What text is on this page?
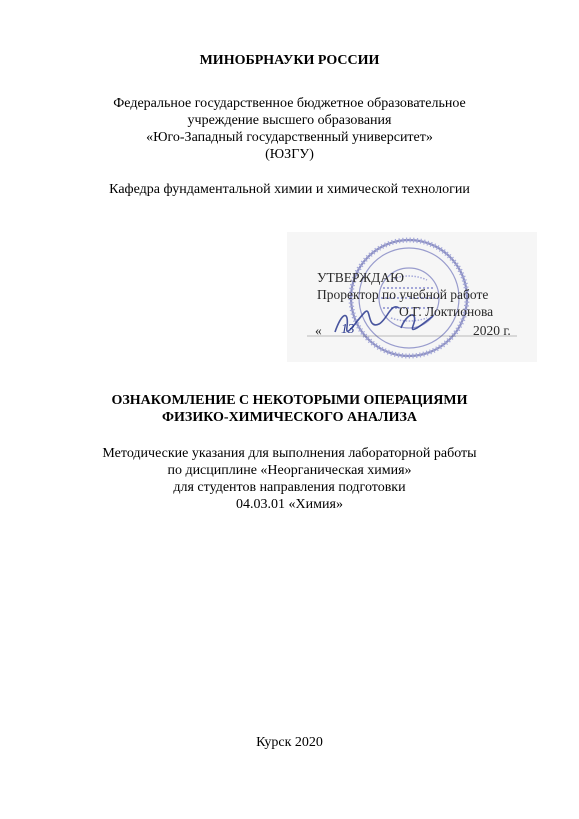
МИНОБРНАУКИ РОССИИ
Федеральное государственное бюджетное образовательное
учреждение высшего образования
«Юго-Западный государственный университет»
(ЮЗГУ)
Кафедра фундаментальной химии и химической технологии
УТВЕРЖДАЮ
Проректор по учебной работе
О.Г. Локтионова
« 13	2020 г.
ОЗНАКОМЛЕНИЕ С НЕКОТОРЫМИ ОПЕРАЦИЯМИ
ФИЗИКО-ХИМИЧЕСКОГО АНАЛИЗА
Методические указания для выполнения лабораторной работы
по дисциплине «Неорганическая химия»
для студентов направления подготовки
04.03.01 «Химия»
Курск 2020
